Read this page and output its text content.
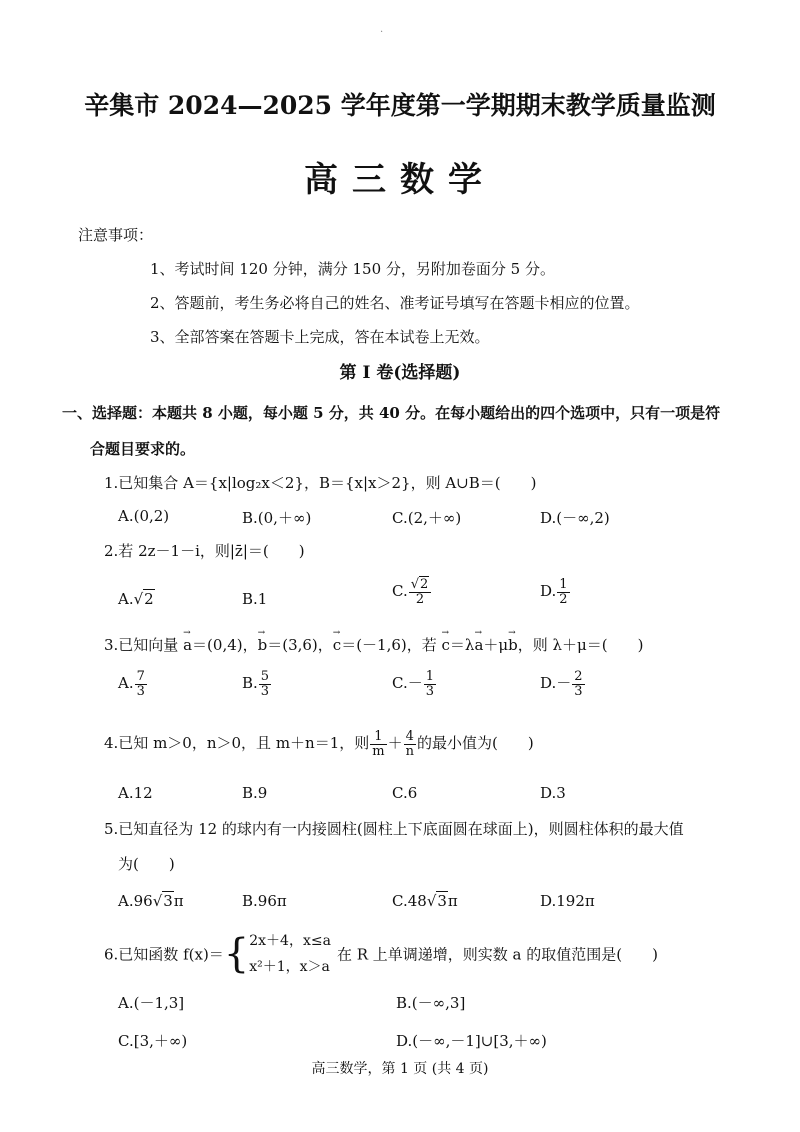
.
辛集市 2024—2025 学年度第一学期期末教学质量监测
高三数学
注意事项：
1、考试时间 120 分钟，满分 150 分，另附加卷面分 5 分。
2、答题前，考生务必将自己的姓名、准考证号填写在答题卡相应的位置。
3、全部答案在答题卡上完成，答在本试卷上无效。
第 I 卷(选择题)
一、选择题：本题共 8 小题，每小题 5 分，共 40 分。在每小题给出的四个选项中，只有一项是符
合题目要求的。
1.已知集合 A＝{x|log₂x＜2}，B＝{x|x＞2}，则 A∪B＝(　　)
A.(0,2)	B.(0,＋∞)	C.(2,＋∞)	D.(－∞,2)
2.若 2z－1－i，则|z̄|＝(　　)
A.√2	B.1	C. $\frac{√2}{2}$	D. $\frac{1}{2}$
3.已知向量 → a＝(0,4)，→ b＝(3,6)，→ c＝(－1,6)，若 → c＝λ→ a＋μ→ b，则 λ＋μ＝(　　)
A. $\frac{7}{3}$	B. $\frac{5}{3}$	$C.- \frac{1}{3}$	$D.- \frac{2}{3}$
4.已知 m＞0，n＞0，且 m＋n＝1，则 $\frac{1}{m} + \frac{4}{n}$ 的最小值为(　　)
A.12	B.9	C.6	D.3
5.已知直径为 12 的球内有一内接圆柱(圆柱上下底面圆在球面上)，则圆柱体积的最大值
为(　　)
A.96√3π	B.96π	C.48√3π	D.192π
6.已知函数 f(x)＝{2x＋4，x≤a
x²＋1，x＞a在 R 上单调递增，则实数 a 的取值范围是(　　)
A.(－1,3]	B.(－∞,3]
C.[3,＋∞)	D.(－∞,－1]∪[3,＋∞)
高三数学，第 1 页 (共 4 页)
